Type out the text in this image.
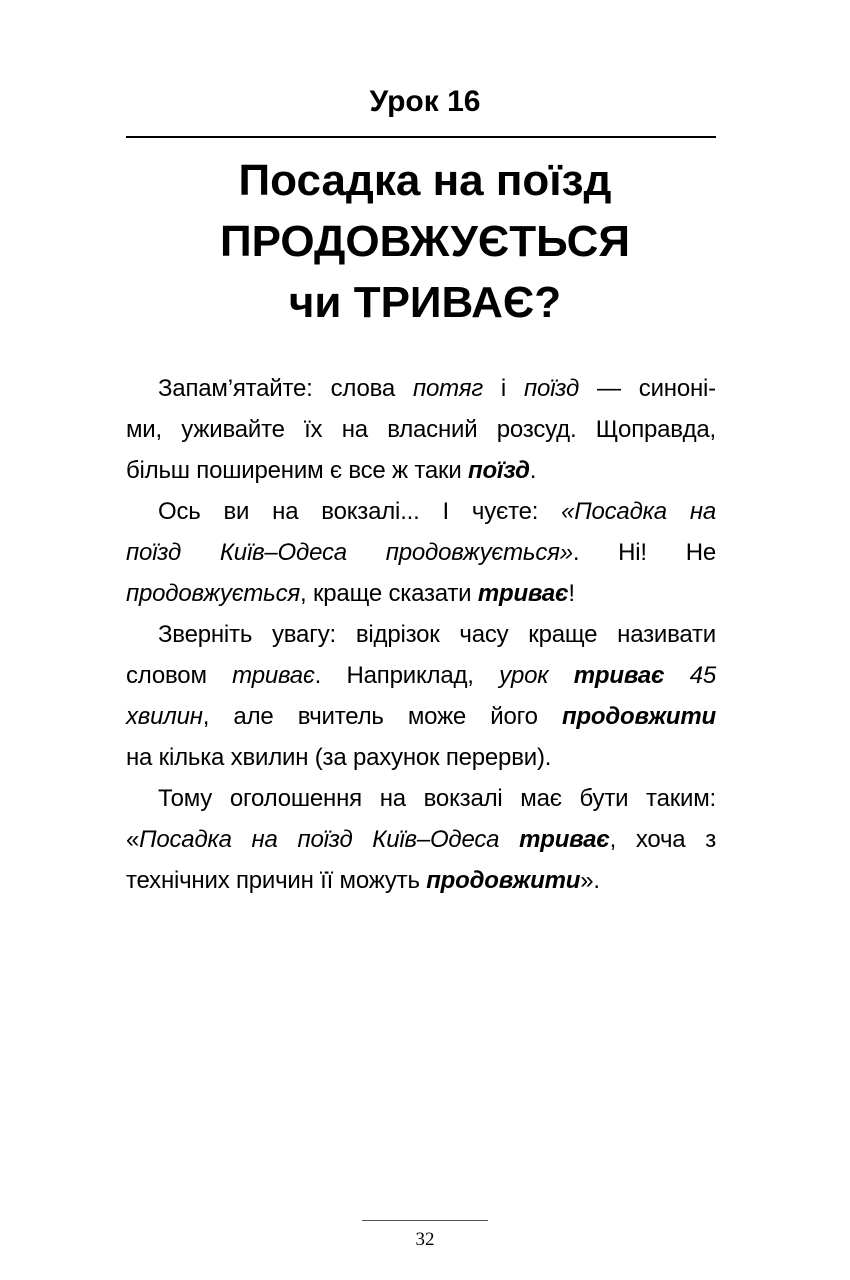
Урок 16
Посадка на поїзд
ПРОДОВЖУЄТЬСЯ
чи ТРИВАЄ?
Запам’ятайте: слова потяг і поїзд — синоні-
ми, уживайте їх на власний розсуд. Щоправда,
більш поширеним є все ж таки поїзд.
Ось ви на вокзалі... І чуєте: «Посадка на
поїзд Київ–Одеса продовжується». Ні! Не
продовжується, краще сказати триває!
Зверніть увагу: відрізок часу краще називати
словом триває. Наприклад, урок триває 45
хвилин, але вчитель може його продовжити
на кілька хвилин (за рахунок перерви).
Тому оголошення на вокзалі має бути таким:
«Посадка на поїзд Київ–Одеса триває, хоча з
технічних причин її можуть продовжити».
32
